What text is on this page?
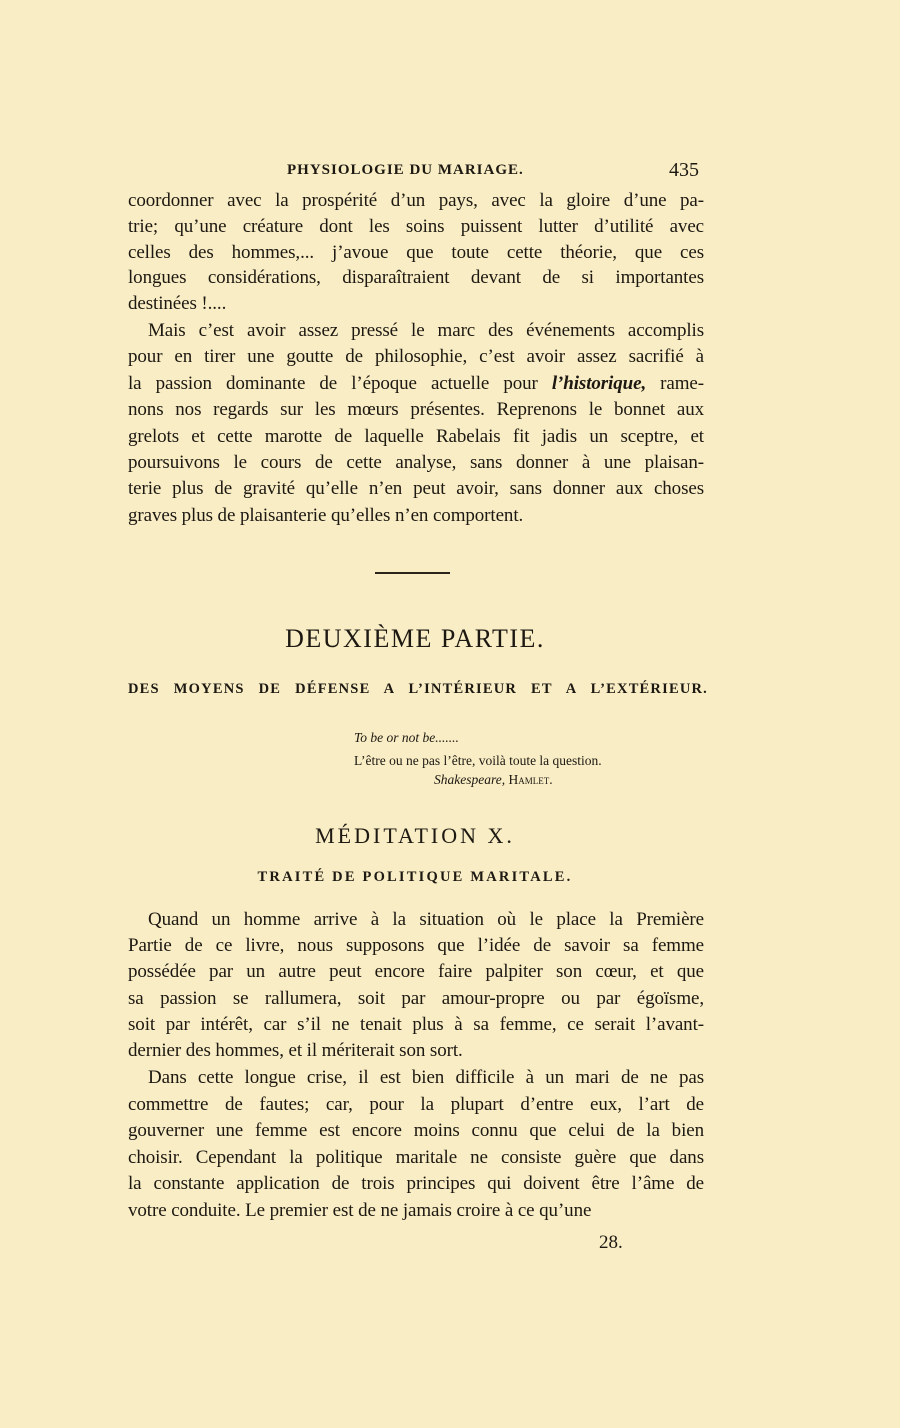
PHYSIOLOGIE DU MARIAGE.	435
coordonner avec la prospérité d’un pays, avec la gloire d’une pa-
trie; qu’une créature dont les soins puissent lutter d’utilité avec
celles des hommes,... j’avoue que toute cette théorie, que ces
longues considérations, disparaîtraient devant de si importantes
destinées !....
Mais c’est avoir assez pressé le marc des événements accomplis
pour en tirer une goutte de philosophie, c’est avoir assez sacrifié à
nons nos regards sur les mœurs présentes. Reprenons le bonnet aux
grelots et cette marotte de laquelle Rabelais fit jadis un sceptre, et
poursuivons le cours de cette analyse, sans donner à une plaisan-
terie plus de gravité qu’elle n’en peut avoir, sans donner aux choses
graves plus de plaisanterie qu’elles n’en comportent.
la passion dominante de l’époque actuelle pour l’historique, rame-
DEUXIÈME PARTIE.
DES MOYENS DE DÉFENSE A L’INTÉRIEUR ET A L’EXTÉRIEUR.
To be or not be.......
L’être ou ne pas l’être, voilà toute la question.
Shakespeare, Hamlet.
MÉDITATION X.
TRAITÉ DE POLITIQUE MARITALE.
Quand un homme arrive à la situation où le place la Première
Partie de ce livre, nous supposons que l’idée de savoir sa femme
possédée par un autre peut encore faire palpiter son cœur, et que
sa passion se rallumera, soit par amour-propre ou par égoïsme,
soit par intérêt, car s’il ne tenait plus à sa femme, ce serait l’avant-
dernier des hommes, et il mériterait son sort.
Dans cette longue crise, il est bien difficile à un mari de ne pas
commettre de fautes; car, pour la plupart d’entre eux, l’art de
gouverner une femme est encore moins connu que celui de la bien
choisir. Cependant la politique maritale ne consiste guère que dans
la constante application de trois principes qui doivent être l’âme de
votre conduite. Le premier est de ne jamais croire à ce qu’une
28.
